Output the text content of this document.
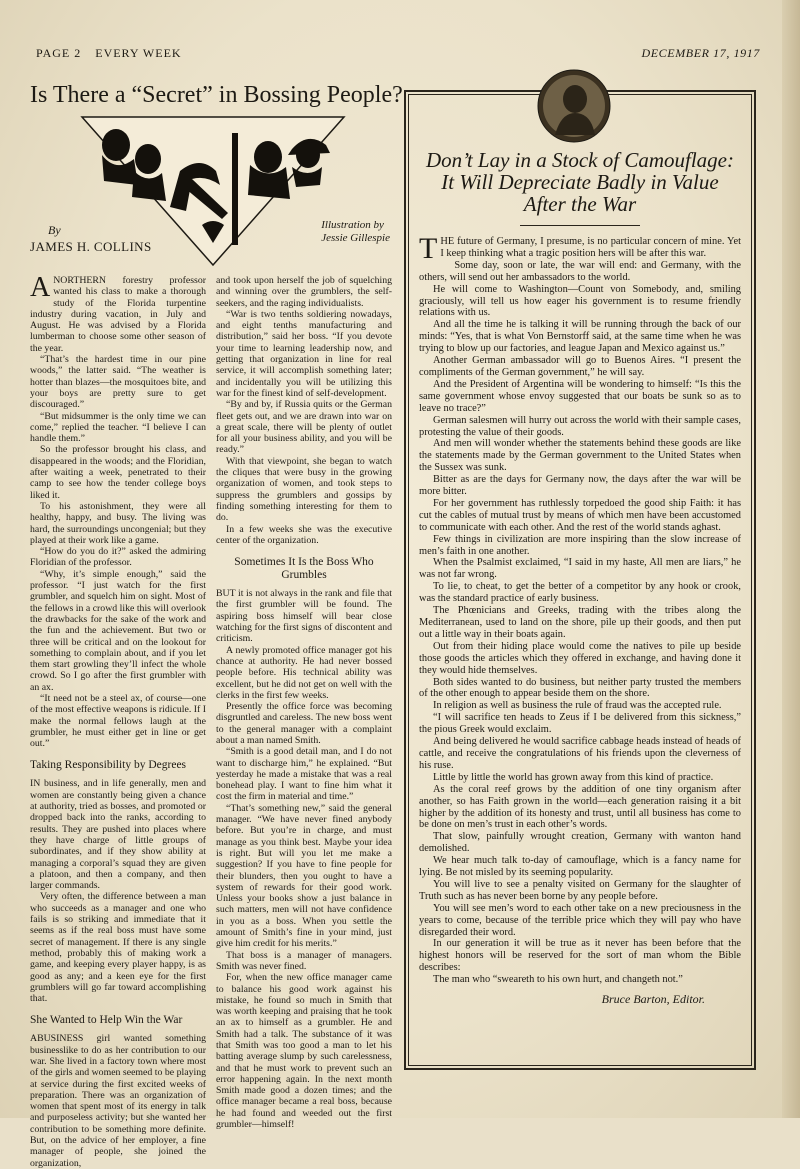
PAGE 2 EVERY WEEK	DECEMBER 17, 1917
Is There a “Secret” in Bossing People?
By
JAMES H. COLLINS
Illustration by
Jessie Gillespie

ANORTHERN forestry professor wanted his class to make a thorough study of the Florida turpentine industry during vacation, in July and August. He was advised by a Florida lumberman to choose some other season of the year.

“That’s the hardest time in our pine woods,” the latter said. “The weather is hotter than blazes—the mosquitoes bite, and your boys are pretty sure to get discouraged.”

“But midsummer is the only time we can come,” replied the teacher. “I believe I can handle them.”

So the professor brought his class, and disappeared in the woods; and the Floridian, after waiting a week, penetrated to their camp to see how the tender college boys liked it.

To his astonishment, they were all healthy, happy, and busy. The living was hard, the surroundings uncongenial; but they played at their work like a game.

“How do you do it?” asked the admiring Floridian of the professor.

“Why, it’s simple enough,” said the professor. “I just watch for the first grumbler, and squelch him on sight. Most of the fellows in a crowd like this will overlook the drawbacks for the sake of the work and the fun and the achievement. But two or three will be critical and on the lookout for something to complain about, and if you let them start growling they’ll infect the whole crowd. So I go after the first grumbler with an ax.

“It need not be a steel ax, of course—one of the most effective weapons is ridicule. If I make the normal fellows laugh at the grumbler, he must either get in line or get out.”

Taking Responsibility by Degrees

IN business, and in life generally, men and women are constantly being given a chance at authority, tried as bosses, and promoted or dropped back into the ranks, according to results. They are pushed into places where they have charge of little groups of subordinates, and if they show ability at managing a corporal’s squad they are given a platoon, and then a company, and then larger commands.

Very often, the difference between a man who succeeds as a manager and one who fails is so striking and immediate that it seems as if the real boss must have some secret of management. If there is any single method, probably this of making work a game, and keeping every player happy, is as good as any; and a keen eye for the first grumblers will go far toward accomplishing that.

She Wanted to Help Win the War

ABUSINESS girl wanted something businesslike to do as her contribution to our war. She lived in a factory town where most of the girls and women seemed to be playing at service during the first excited weeks of preparation. There was an organization of women that spent most of its energy in talk and purposeless activity; but she wanted her contribution to be something more definite. But, on the advice of her employer, a fine manager of people, she joined the organization,

and took upon herself the job of squelching and winning over the grumblers, the self-seekers, and the raging individualists.

“War is two tenths soldiering nowadays, and eight tenths manufacturing and distribution,” said her boss. “If you devote your time to learning leadership now, and getting that organization in line for real service, it will accomplish something later; and incidentally you will be utilizing this war for the finest kind of self-development.

“By and by, if Russia quits or the German fleet gets out, and we are drawn into war on a great scale, there will be plenty of outlet for all your business ability, and you will be ready.”

With that viewpoint, she began to watch the cliques that were busy in the growing organization of women, and took steps to suppress the grumblers and gossips by finding something interesting for them to do.

In a few weeks she was the executive center of the organization.

Sometimes It Is the Boss Who Grumbles

BUT it is not always in the rank and file that the first grumbler will be found. The aspiring boss himself will bear close watching for the first signs of discontent and criticism.

A newly promoted office manager got his chance at authority. He had never bossed people before. His technical ability was excellent, but he did not get on well with the clerks in the first few weeks.

Presently the office force was becoming disgruntled and careless. The new boss went to the general manager with a complaint about a man named Smith.

“Smith is a good detail man, and I do not want to discharge him,” he explained. “But yesterday he made a mistake that was a real bonehead play. I want to fine him what it cost the firm in material and time.”

“That’s something new,” said the general manager. “We have never fined anybody before. But you’re in charge, and must manage as you think best. Maybe your idea is right. But will you let me make a suggestion? If you have to fine people for their blunders, then you ought to have a system of rewards for their good work. Unless your books show a just balance in such matters, men will not have confidence in you as a boss. When you settle the amount of Smith’s fine in your mind, just give him credit for his merits.”

That boss is a manager of managers. Smith was never fined.

For, when the new office manager came to balance his good work against his mistake, he found so much in Smith that was worth keeping and praising that he took an ax to himself as a grumbler. He and Smith had a talk. The substance of it was that Smith was too good a man to let his batting average slump by such carelessness, and that he must work to prevent such an error happening again. In the next month Smith made good a dozen times; and the office manager became a real boss, because he had found and weeded out the first grumbler—himself!

Don’t Lay in a Stock of Camouflage: It Will Depreciate Badly in Value After the War

THE future of Germany, I presume, is no particular concern of mine. Yet I keep thinking what a tragic position hers will be after this war.

Some day, soon or late, the war will end: and Germany, with the others, will send out her ambassadors to the world.

He will come to Washington—Count von Somebody, and, smiling graciously, will tell us how eager his government is to resume friendly relations with us.

And all the time he is talking it will be running through the back of our minds: “Yes, that is what Von Bernstorff said, at the same time when he was trying to blow up our factories, and league Japan and Mexico against us.”

Another German ambassador will go to Buenos Aires. “I present the compliments of the German government,” he will say.

And the President of Argentina will be wondering to himself: “Is this the same government whose envoy suggested that our boats be sunk so as to leave no trace?”

German salesmen will hurry out across the world with their sample cases, protesting the value of their goods.

And men will wonder whether the statements behind these goods are like the statements made by the German government to the United States when the Sussex was sunk.

Bitter as are the days for Germany now, the days after the war will be more bitter.

For her government has ruthlessly torpedoed the good ship Faith: it has cut the cables of mutual trust by means of which men have been accustomed to communicate with each other. And the rest of the world stands aghast.

Few things in civilization are more inspiring than the slow increase of men’s faith in one another.

When the Psalmist exclaimed, “I said in my haste, All men are liars,” he was not far wrong.

To lie, to cheat, to get the better of a competitor by any hook or crook, was the standard practice of early business.

The Phœnicians and Greeks, trading with the tribes along the Mediterranean, used to land on the shore, pile up their goods, and then put out a little way in their boats again.

Out from their hiding place would come the natives to pile up beside those goods the articles which they offered in exchange, and having done it they would hide themselves.

Both sides wanted to do business, but neither party trusted the members of the other enough to appear beside them on the shore.

In religion as well as business the rule of fraud was the accepted rule.

“I will sacrifice ten heads to Zeus if I be delivered from this sickness,” the pious Greek would exclaim.

And being delivered he would sacrifice cabbage heads instead of heads of cattle, and receive the congratulations of his friends upon the cleverness of his ruse.

Little by little the world has grown away from this kind of practice.

As the coral reef grows by the addition of one tiny organism after another, so has Faith grown in the world—each generation raising it a bit higher by the addition of its honesty and trust, until all business has come to be done on men’s trust in each other’s words.

That slow, painfully wrought creation, Germany with wanton hand demolished.

We hear much talk to-day of camouflage, which is a fancy name for lying. Be not misled by its seeming popularity.

You will live to see a penalty visited on Germany for the slaughter of Truth such as has never been borne by any people before.

You will see men’s word to each other take on a new preciousness in the years to come, because of the terrible price which they will pay who have disregarded their word.

In our generation it will be true as it never has been before that the highest honors will be reserved for the sort of man whom the Bible describes:

The man who “sweareth to his own hurt, and changeth not.”

Bruce Barton, Editor.
